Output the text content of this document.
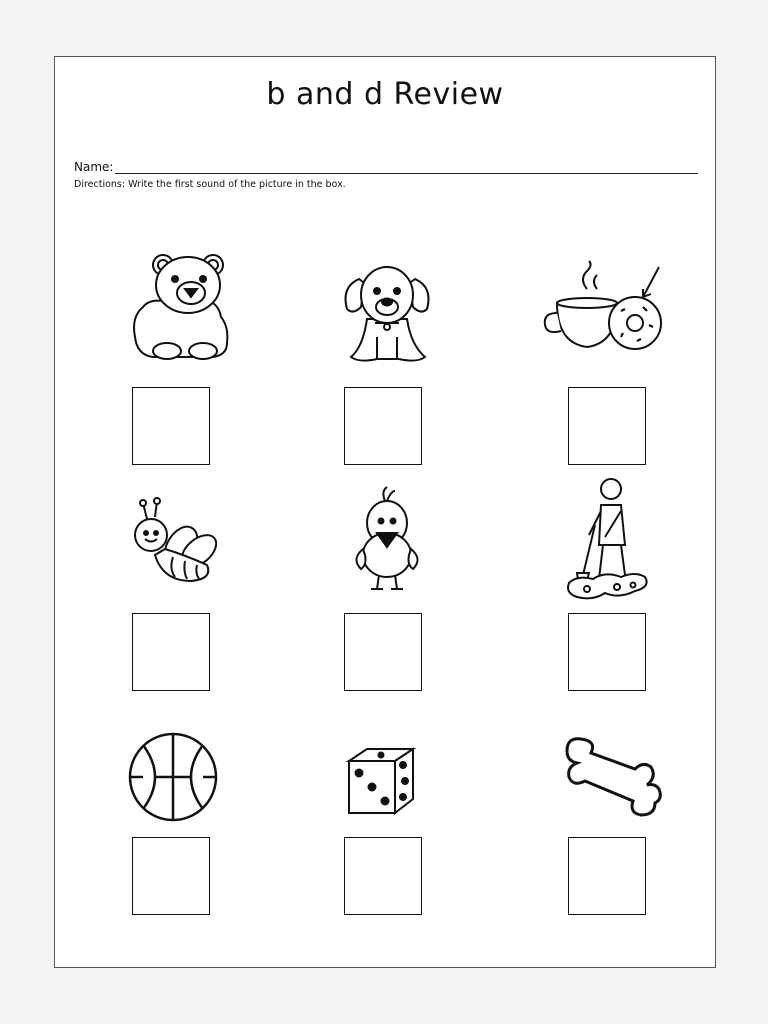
b and d Review
Name:
Directions: Write the first sound of the picture in the box.
